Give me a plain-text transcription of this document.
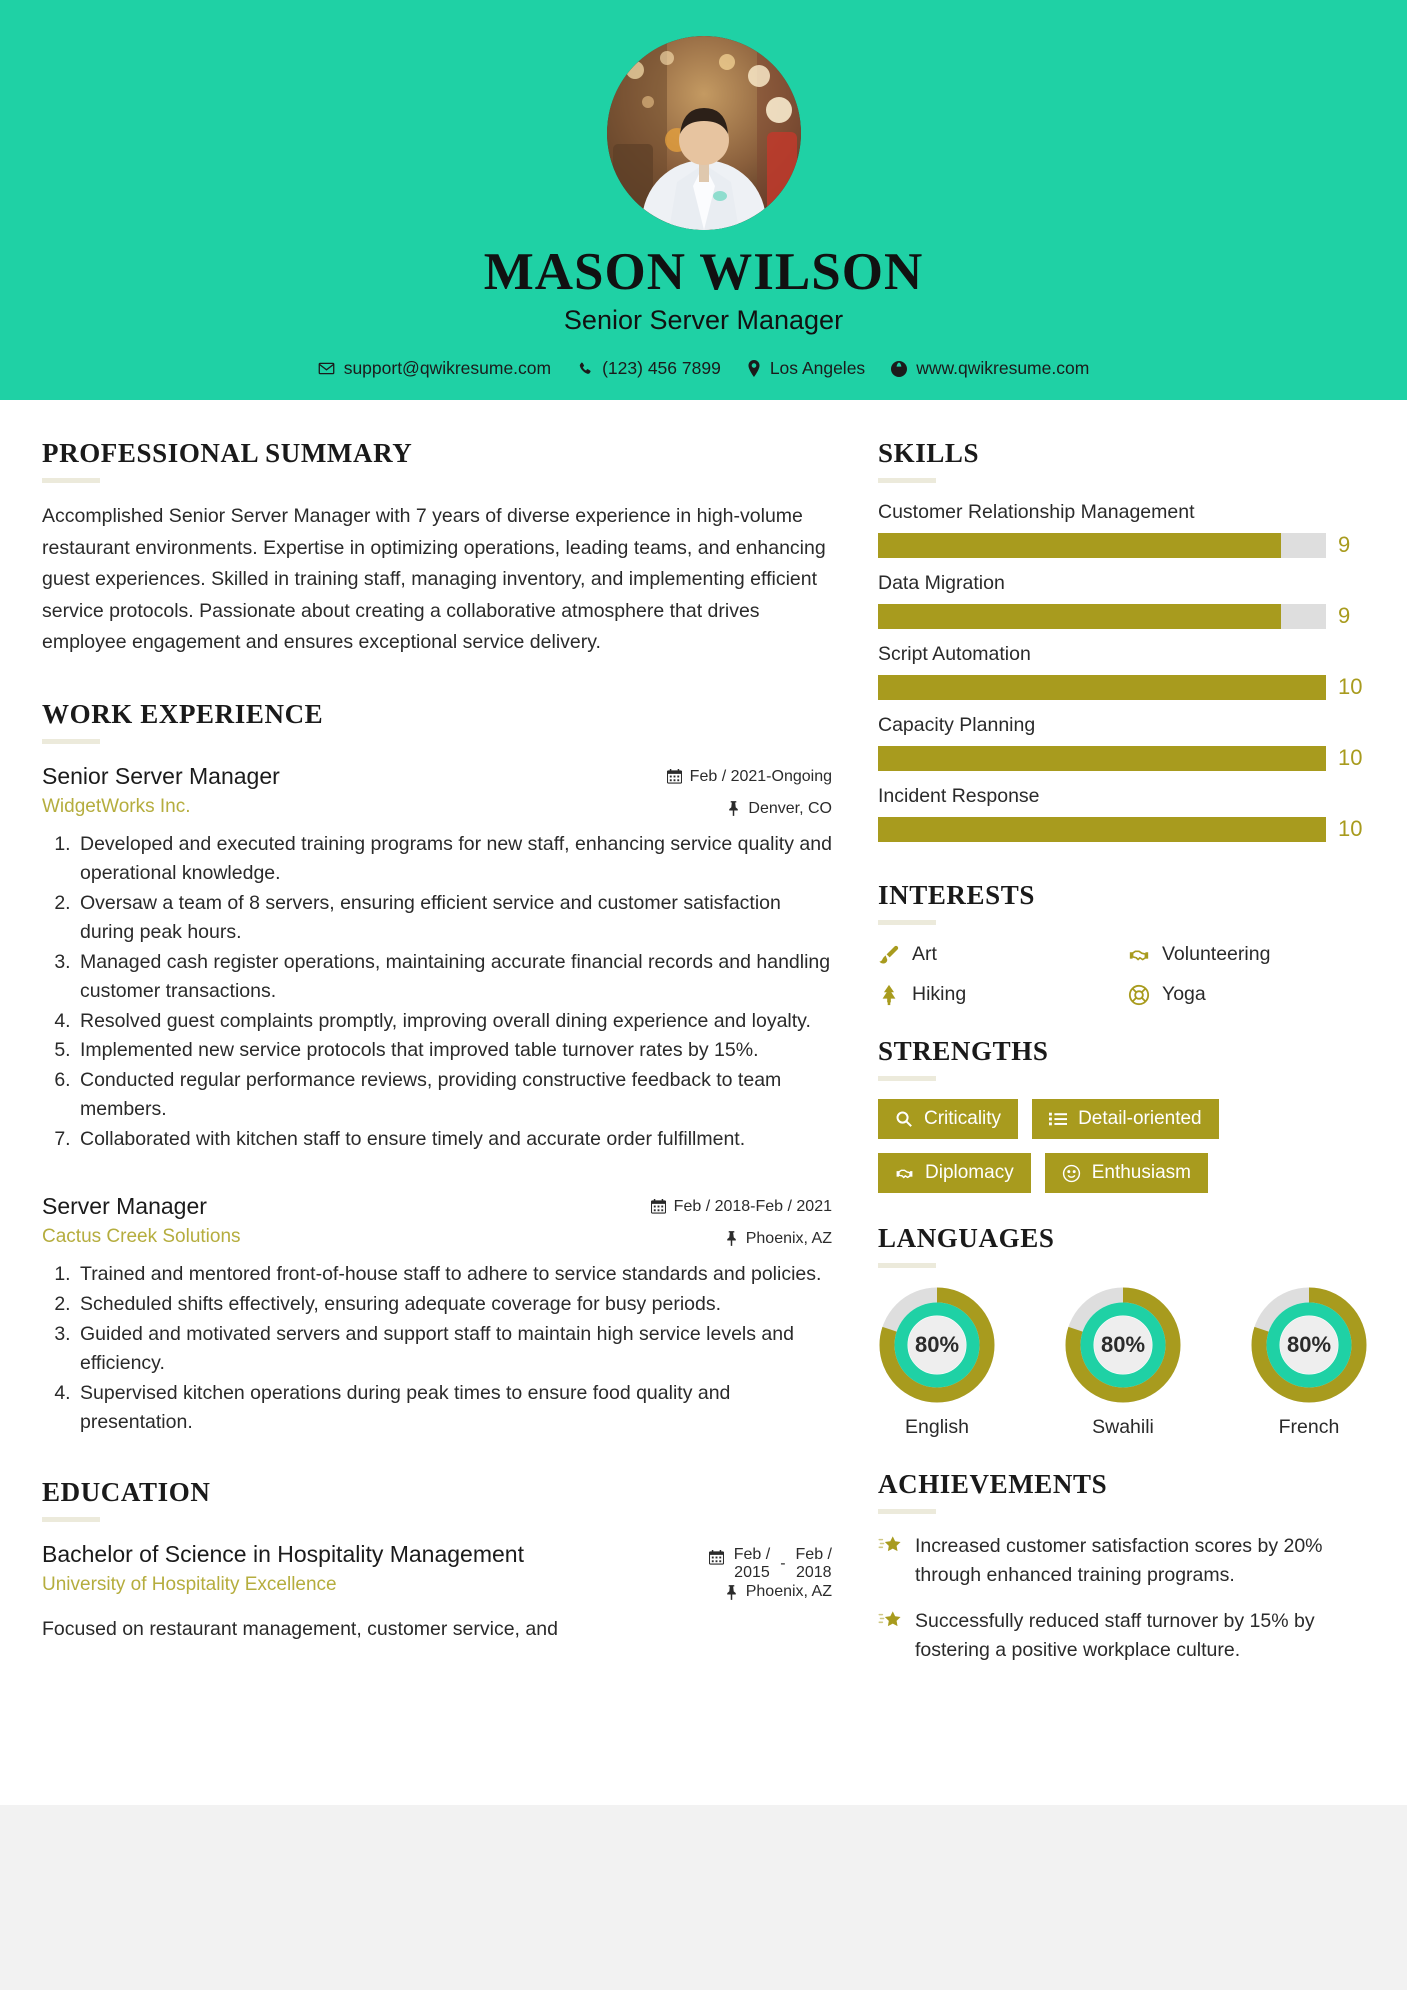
MASON WILSON
Senior Server Manager
support@qwikresume.com	(123) 456 7899	Los Angeles	www.qwikresume.com
PROFESSIONAL SUMMARY
Accomplished Senior Server Manager with 7 years of diverse experience in high-volume restaurant environments. Expertise in optimizing operations, leading teams, and enhancing guest experiences. Skilled in training staff, managing inventory, and implementing efficient service protocols. Passionate about creating a collaborative atmosphere that drives employee engagement and ensures exceptional service delivery.
WORK EXPERIENCE
Senior Server Manager
WidgetWorks Inc.
Feb / 2021-Ongoing
Denver, CO
1. Developed and executed training programs for new staff, enhancing service quality and operational knowledge.
2. Oversaw a team of 8 servers, ensuring efficient service and customer satisfaction during peak hours.
3. Managed cash register operations, maintaining accurate financial records and handling customer transactions.
4. Resolved guest complaints promptly, improving overall dining experience and loyalty.
5. Implemented new service protocols that improved table turnover rates by 15%.
6. Conducted regular performance reviews, providing constructive feedback to team members.
7. Collaborated with kitchen staff to ensure timely and accurate order fulfillment.
Server Manager
Cactus Creek Solutions
Feb / 2018-Feb / 2021
Phoenix, AZ
1. Trained and mentored front-of-house staff to adhere to service standards and policies.
2. Scheduled shifts effectively, ensuring adequate coverage for busy periods.
3. Guided and motivated servers and support staff to maintain high service levels and efficiency.
4. Supervised kitchen operations during peak times to ensure food quality and presentation.
EDUCATION
Bachelor of Science in Hospitality Management
University of Hospitality Excellence
Feb /
2015
-
Feb /
2018
Phoenix, AZ
Focused on restaurant management, customer service, and
SKILLS
Customer Relationship Management
9
Data Migration
9
Script Automation
10
Capacity Planning
10
Incident Response
10
INTERESTS
Art	Volunteering
Hiking	Yoga
STRENGTHS
Criticality	Detail-oriented
Diplomacy	Enthusiasm
LANGUAGES
80%
English
80%
Swahili
80%
French
ACHIEVEMENTS
Increased customer satisfaction scores by 20% through enhanced training programs.
Successfully reduced staff turnover by 15% by fostering a positive workplace culture.
